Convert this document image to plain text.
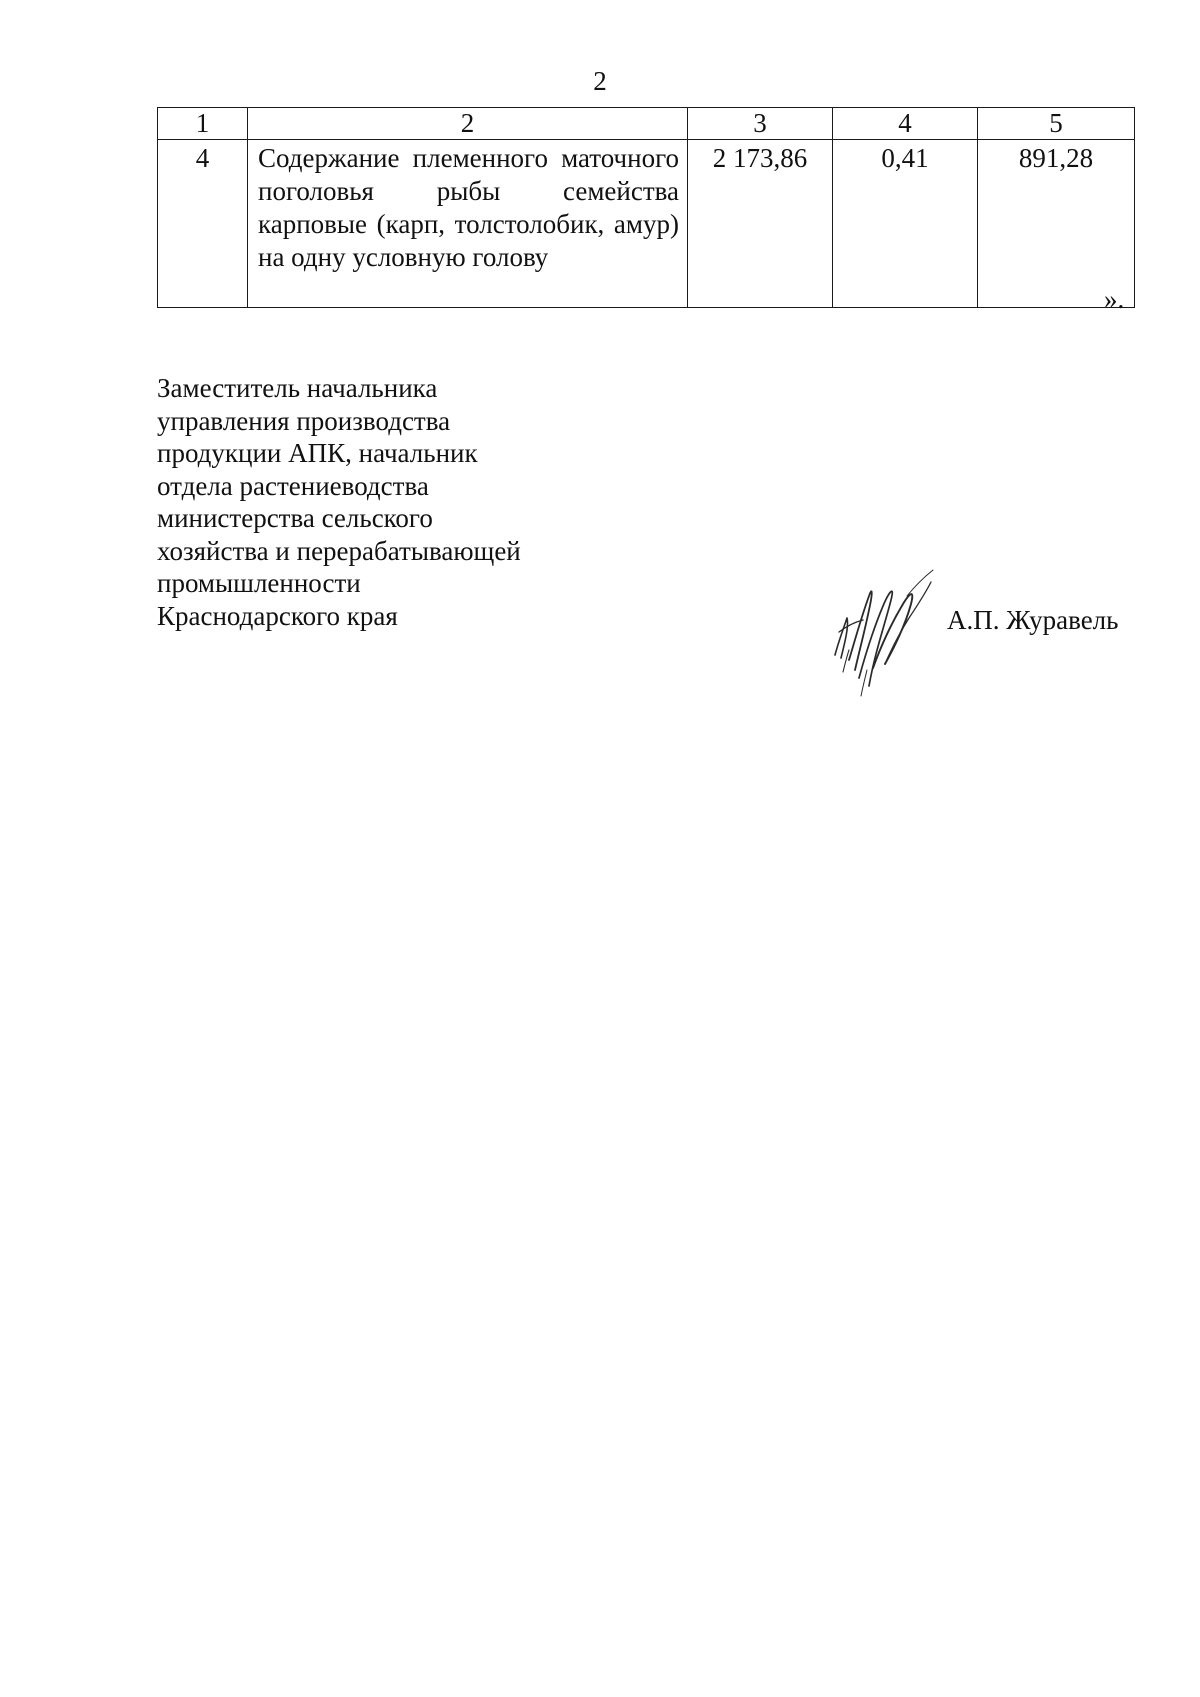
2
1	2	3	4	5
4	Содержание племенного маточного поголовья рыбы семейства карповые (карп, толстолобик, амур) на одну условную голову	2 173,86	0,41	891,28
».
Заместитель начальника
управления производства
продукции АПК, начальник
отдела растениеводства
министерства сельского
хозяйства и перерабатывающей
промышленности
Краснодарского края	А.П. Журавель
